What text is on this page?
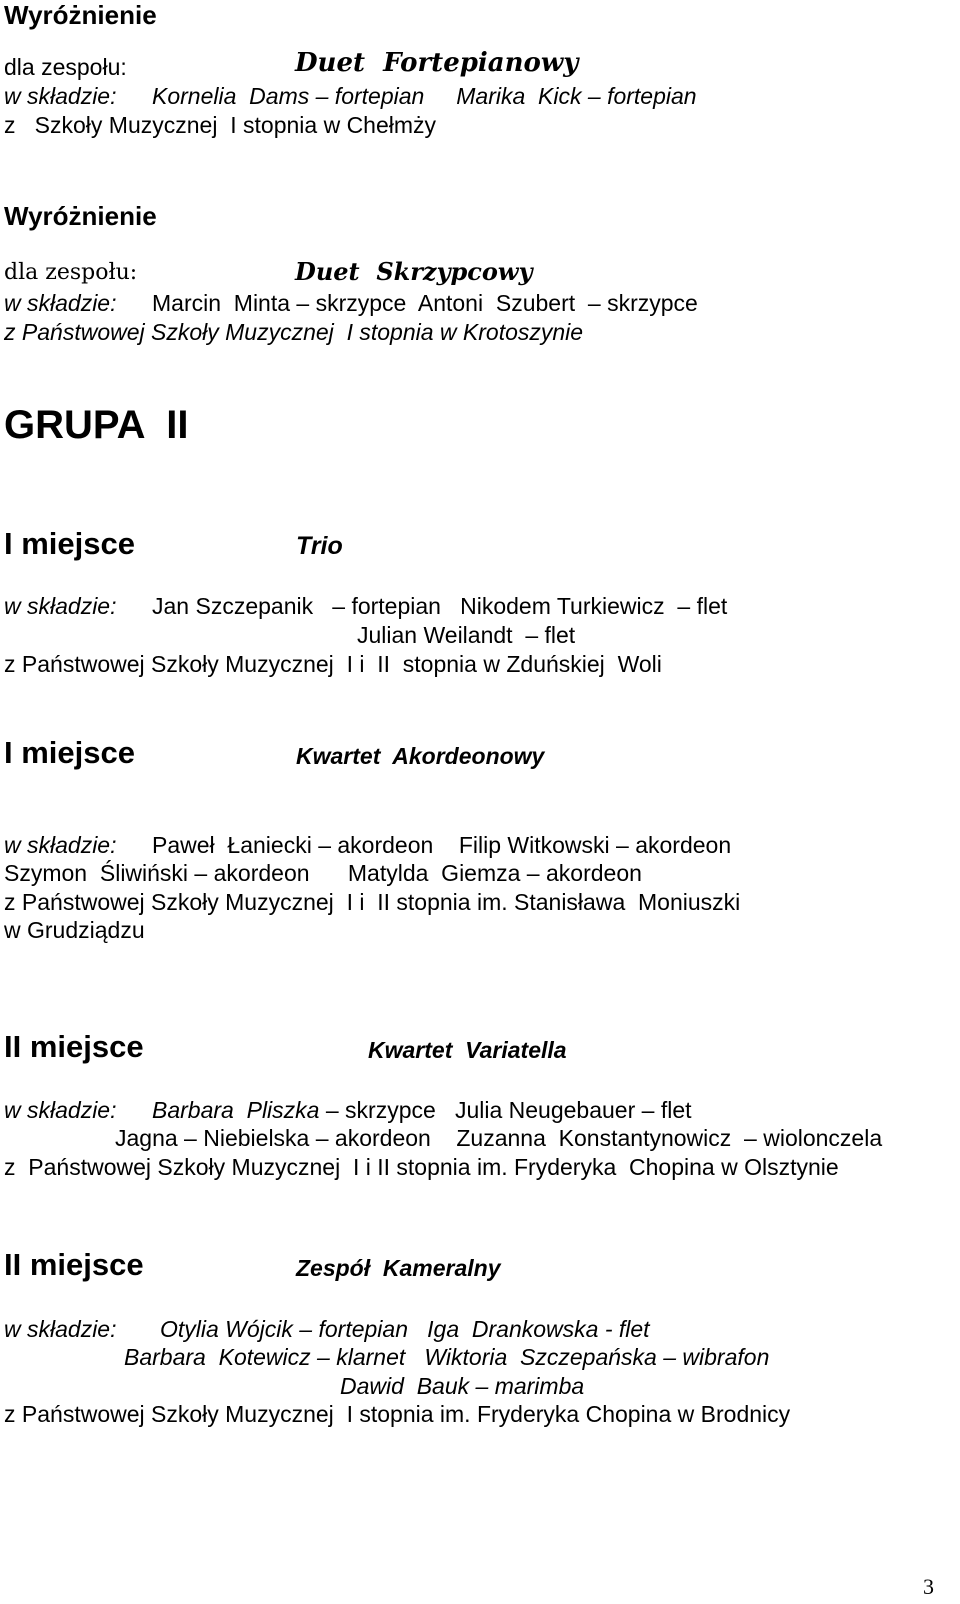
Wyróżnienie
dla zespołu:	Duet  Fortepianowy
w składzie: Kornelia  Dams – fortepian     Marika  Kick – fortepian
z   Szkoły Muzycznej  I stopnia w Chełmży
Wyróżnienie
dla zespołu:	Duet  Skrzypcowy
w składzie: Marcin  Minta – skrzypce  Antoni  Szubert  – skrzypce
z Państwowej Szkoły Muzycznej  I stopnia w Krotoszynie
GRUPA  II
I miejsce	Trio
w składzie: Jan Szczepanik   – fortepian   Nikodem Turkiewicz  – flet
Julian Weilandt  – flet
z Państwowej Szkoły Muzycznej  I i  II  stopnia w Zduńskiej  Woli
I miejsce	Kwartet  Akordeonowy
w składzie: Paweł  Łaniecki – akordeon    Filip Witkowski – akordeon
Szymon  Śliwiński – akordeon      Matylda  Giemza – akordeon
z Państwowej Szkoły Muzycznej  I i  II stopnia im. Stanisława  Moniuszki
w Grudziądzu
II miejsce	Kwartet  Variatella
w składzie: Barbara  Pliszka – skrzypce   Julia Neugebauer – flet
Jagna – Niebielska – akordeon    Zuzanna  Konstantynowicz  – wiolonczela
z  Państwowej Szkoły Muzycznej  I i II stopnia im. Fryderyka  Chopina w Olsztynie
II miejsce	Zespół  Kameralny
w składzie: Otylia Wójcik – fortepian   Iga  Drankowska - flet
Barbara  Kotewicz – klarnet   Wiktoria  Szczepańska – wibrafon
Dawid  Bauk – marimba
z Państwowej Szkoły Muzycznej  I stopnia im. Fryderyka Chopina w Brodnicy
3
